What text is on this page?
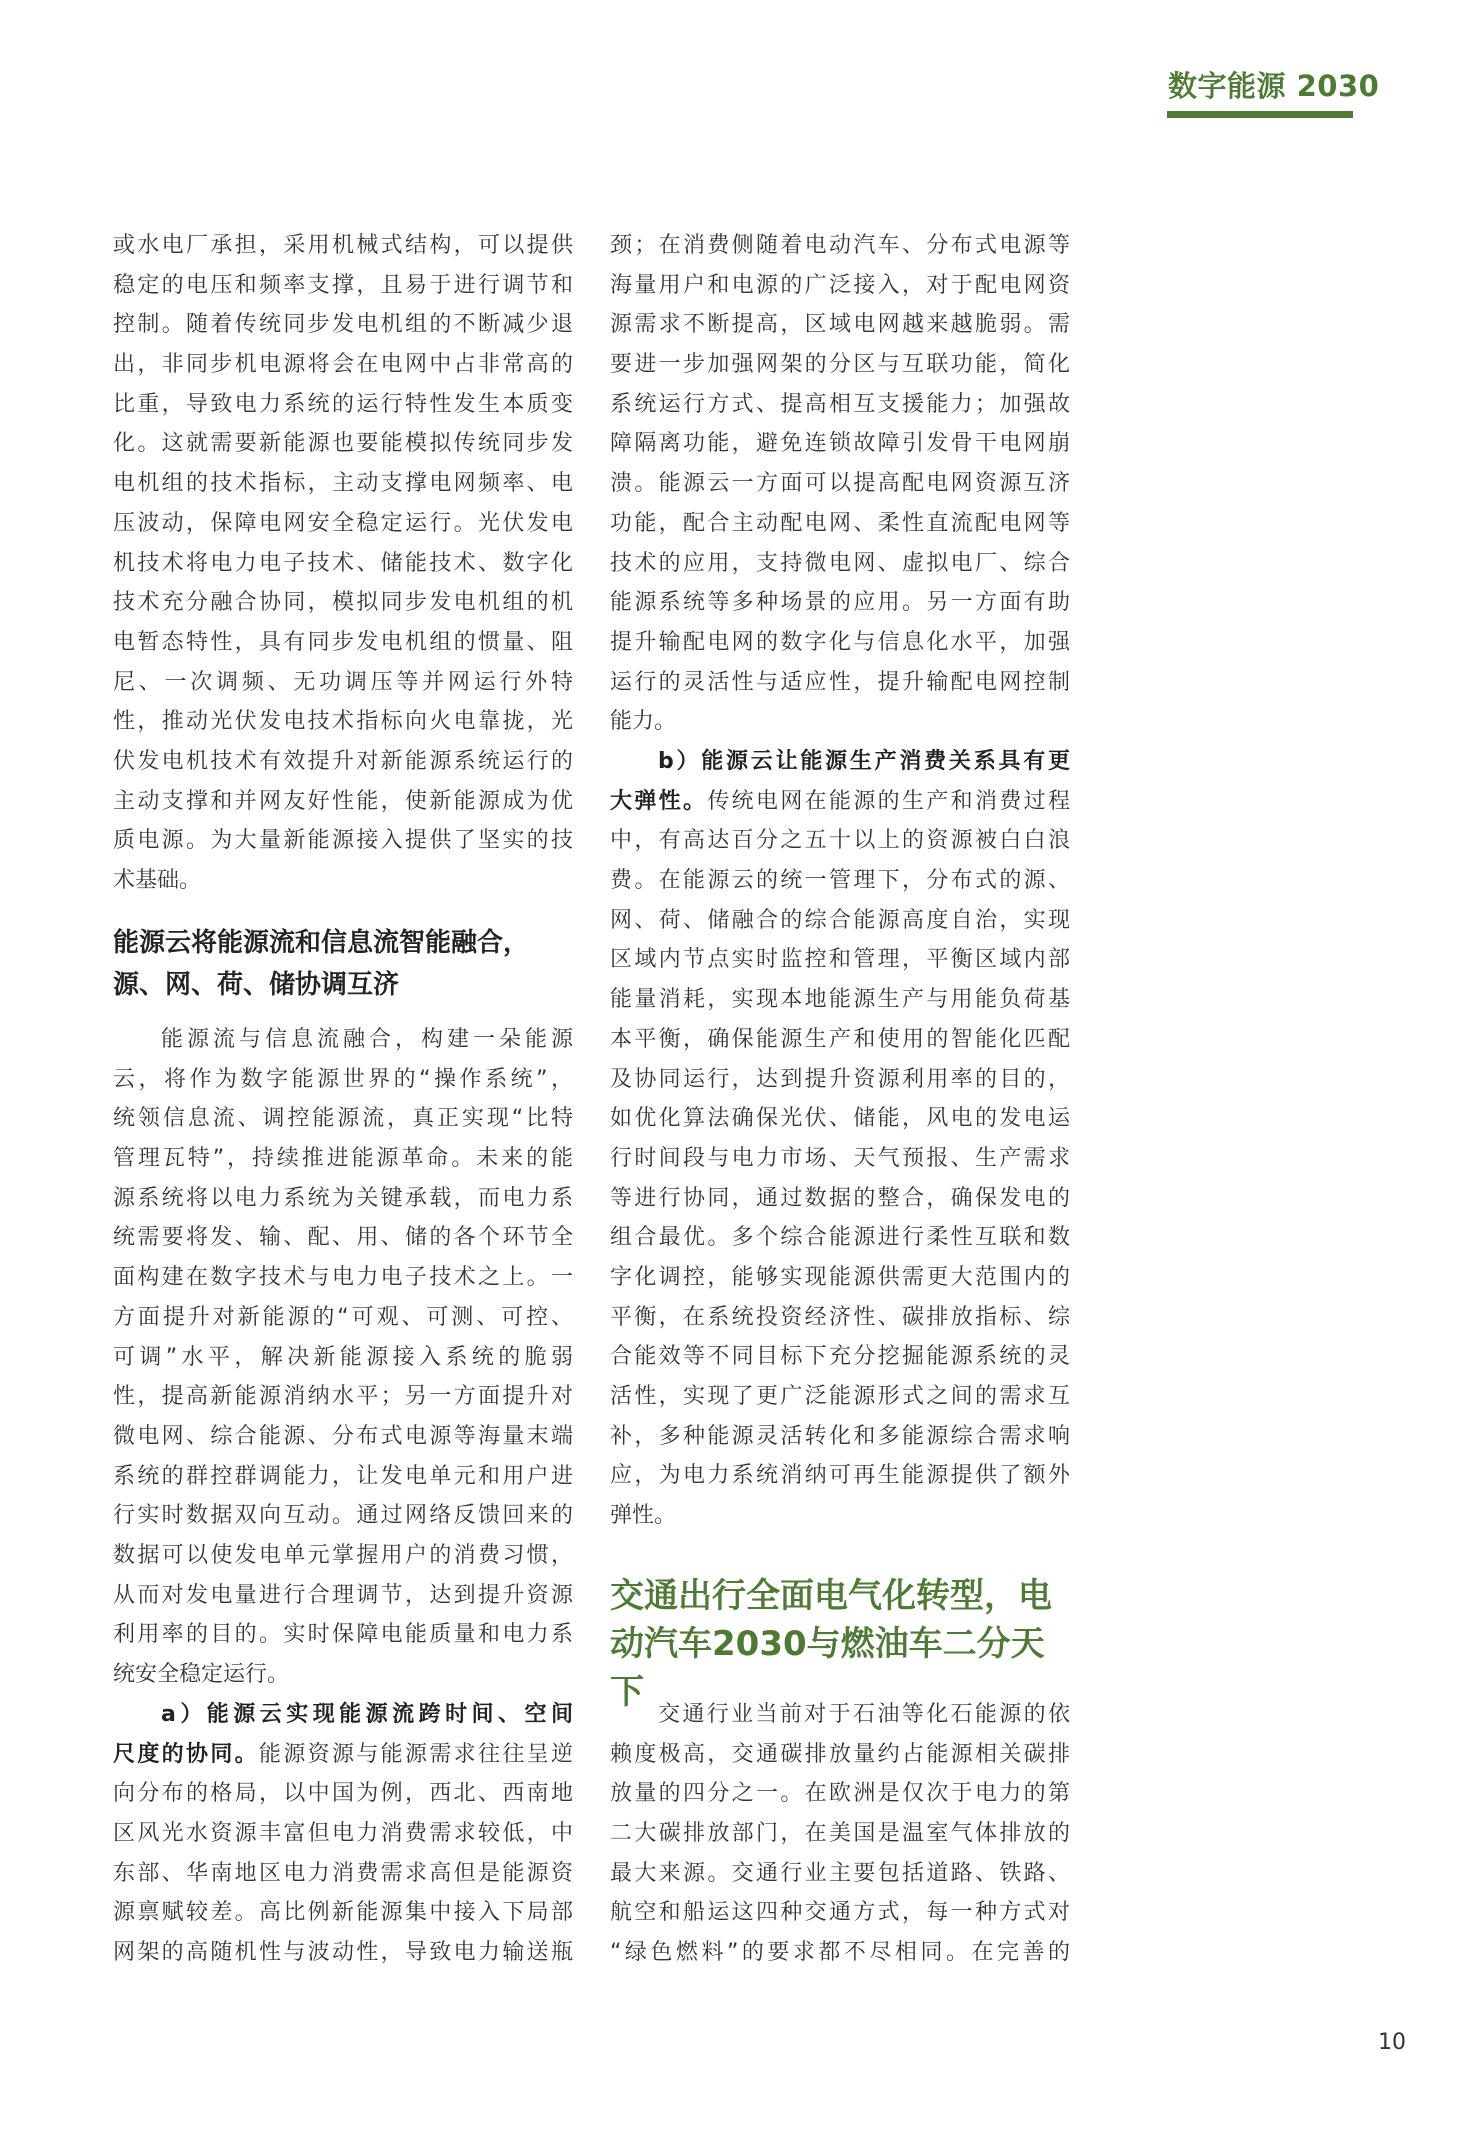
数字能源 2030
或水电厂承担，采用机械式结构，可以提供
稳定的电压和频率支撑，且易于进行调节和
控制。随着传统同步发电机组的不断减少退
出，非同步机电源将会在电网中占非常高的
比重，导致电力系统的运行特性发生本质变
化。这就需要新能源也要能模拟传统同步发
电机组的技术指标，主动支撑电网频率、电
压波动，保障电网安全稳定运行。光伏发电
机技术将电力电子技术、储能技术、数字化
技术充分融合协同，模拟同步发电机组的机
电暂态特性，具有同步发电机组的惯量、阻
尼、一次调频、无功调压等并网运行外特
性，推动光伏发电技术指标向火电靠拢，光
伏发电机技术有效提升对新能源系统运行的
主动支撑和并网友好性能，使新能源成为优
质电源。为大量新能源接入提供了坚实的技
术基础。
能源云将能源流和信息流智能融合，
源、网、荷、储协调互济
能源流与信息流融合，构建一朵能源
云，将作为数字能源世界的“操作系统”，
统领信息流、调控能源流，真正实现“比特
管理瓦特”，持续推进能源革命。未来的能
源系统将以电力系统为关键承载，而电力系
统需要将发、输、配、用、储的各个环节全
面构建在数字技术与电力电子技术之上。一
方面提升对新能源的“可观、可测、可控、
可调”水平，解决新能源接入系统的脆弱
性，提高新能源消纳水平；另一方面提升对
微电网、综合能源、分布式电源等海量末端
系统的群控群调能力，让发电单元和用户进
行实时数据双向互动。通过网络反馈回来的
数据可以使发电单元掌握用户的消费习惯，
从而对发电量进行合理调节，达到提升资源
利用率的目的。实时保障电能质量和电力系
统安全稳定运行。
a）能源云实现能源流跨时间、空间
尺度的协同。能源资源与能源需求往往呈逆
向分布的格局，以中国为例，西北、西南地
区风光水资源丰富但电力消费需求较低，中
东部、华南地区电力消费需求高但是能源资
源禀赋较差。高比例新能源集中接入下局部
网架的高随机性与波动性，导致电力输送瓶
颈；在消费侧随着电动汽车、分布式电源等
海量用户和电源的广泛接入，对于配电网资
源需求不断提高，区域电网越来越脆弱。需
要进一步加强网架的分区与互联功能，简化
系统运行方式、提高相互支援能力；加强故
障隔离功能，避免连锁故障引发骨干电网崩
溃。能源云一方面可以提高配电网资源互济
功能，配合主动配电网、柔性直流配电网等
技术的应用，支持微电网、虚拟电厂、综合
能源系统等多种场景的应用。另一方面有助
提升输配电网的数字化与信息化水平，加强
运行的灵活性与适应性，提升输配电网控制
能力。
b）能源云让能源生产消费关系具有更
大弹性。传统电网在能源的生产和消费过程
中，有高达百分之五十以上的资源被白白浪
费。在能源云的统一管理下，分布式的源、
网、荷、储融合的综合能源高度自治，实现
区域内节点实时监控和管理，平衡区域内部
能量消耗，实现本地能源生产与用能负荷基
本平衡，确保能源生产和使用的智能化匹配
及协同运行，达到提升资源利用率的目的，
如优化算法确保光伏、储能，风电的发电运
行时间段与电力市场、天气预报、生产需求
等进行协同，通过数据的整合，确保发电的
组合最优。多个综合能源进行柔性互联和数
字化调控，能够实现能源供需更大范围内的
平衡，在系统投资经济性、碳排放指标、综
合能效等不同目标下充分挖掘能源系统的灵
活性，实现了更广泛能源形式之间的需求互
补，多种能源灵活转化和多能源综合需求响
应，为电力系统消纳可再生能源提供了额外
弹性。
交通出行全面电气化转型，电
动汽车2030与燃油车二分天下
交通行业当前对于石油等化石能源的依
赖度极高，交通碳排放量约占能源相关碳排
放量的四分之一。在欧洲是仅次于电力的第
二大碳排放部门，在美国是温室气体排放的
最大来源。交通行业主要包括道路、铁路、
航空和船运这四种交通方式，每一种方式对
“绿色燃料”的要求都不尽相同。在完善的
10
